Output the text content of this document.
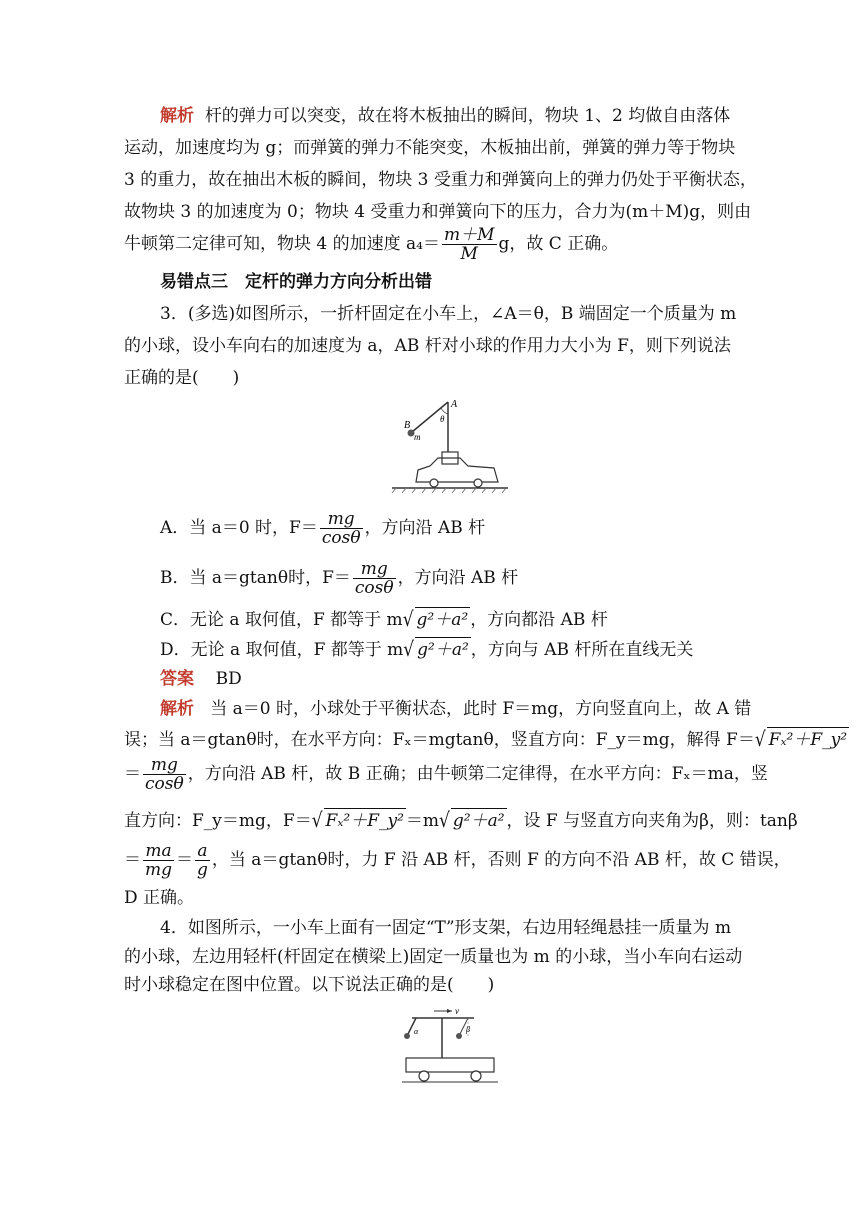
解析 杆的弹力可以突变，故在将木板抽出的瞬间，物块 1、2 均做自由落体
运动，加速度均为 g；而弹簧的弹力不能突变，木板抽出前，弹簧的弹力等于物块
3 的重力，故在抽出木板的瞬间，物块 3 受重力和弹簧向上的弹力仍处于平衡状态，
故物块 3 的加速度为 0；物块 4 受重力和弹簧向下的压力，合力为(m＋M)g，则由
牛顿第二定律可知，物块 4 的加速度 $a_4= \frac{m+M}{M}$ g，故 C 正确。
易错点三　定杆的弹力方向分析出错
3．(多选)如图所示，一折杆固定在小车上，∠A＝θ，B 端固定一个质量为 m
的小球，设小车向右的加速度为 a，AB 杆对小球的作用力大小为 F，则下列说法
正确的是(　　)
A
B
m
θ
A．当 a＝0 时，$F= \frac{mg}{\cos\theta}$ ，方向沿 AB 杆
B．当 a＝gtanθ时，$F= \frac{mg}{\cos\theta}$ ，方向沿 AB 杆
C．无论 a 取何值，F 都等于 m√ g²＋a² ，方向都沿 AB 杆
D．无论 a 取何值，F 都等于 m√ g²＋a² ，方向与 AB 杆所在直线无关
答案 BD
解析 当 a＝0 时，小球处于平衡状态，此时 F＝mg，方向竖直向上，故 A 错
误；当 a＝gtanθ时，在水平方向：Fₓ＝mgtanθ，竖直方向：F_y＝mg，解得 F＝√ Fₓ²＋F_y²
＝ $\frac{mg}{\cos\theta}$ ，方向沿 AB 杆，故 B 正确；由牛顿第二定律得，在水平方向：Fₓ＝ma，竖
直方向：F_y＝mg，F＝√ Fₓ²＋F_y² ＝m√ g²＋a² ，设 F 与竖直方向夹角为β，则：tanβ
＝ $\frac{ma}{mg} = \frac{a}{g}$ ，当 a＝gtanθ时，力 F 沿 AB 杆，否则 F 的方向不沿 AB 杆，故 C 错误，
D 正确。
4．如图所示，一小车上面有一固定“T”形支架，右边用轻绳悬挂一质量为 m
的小球，左边用轻杆(杆固定在横梁上)固定一质量也为 m 的小球，当小车向右运动
时小球稳定在图中位置。以下说法正确的是(　　)
v
α	β
